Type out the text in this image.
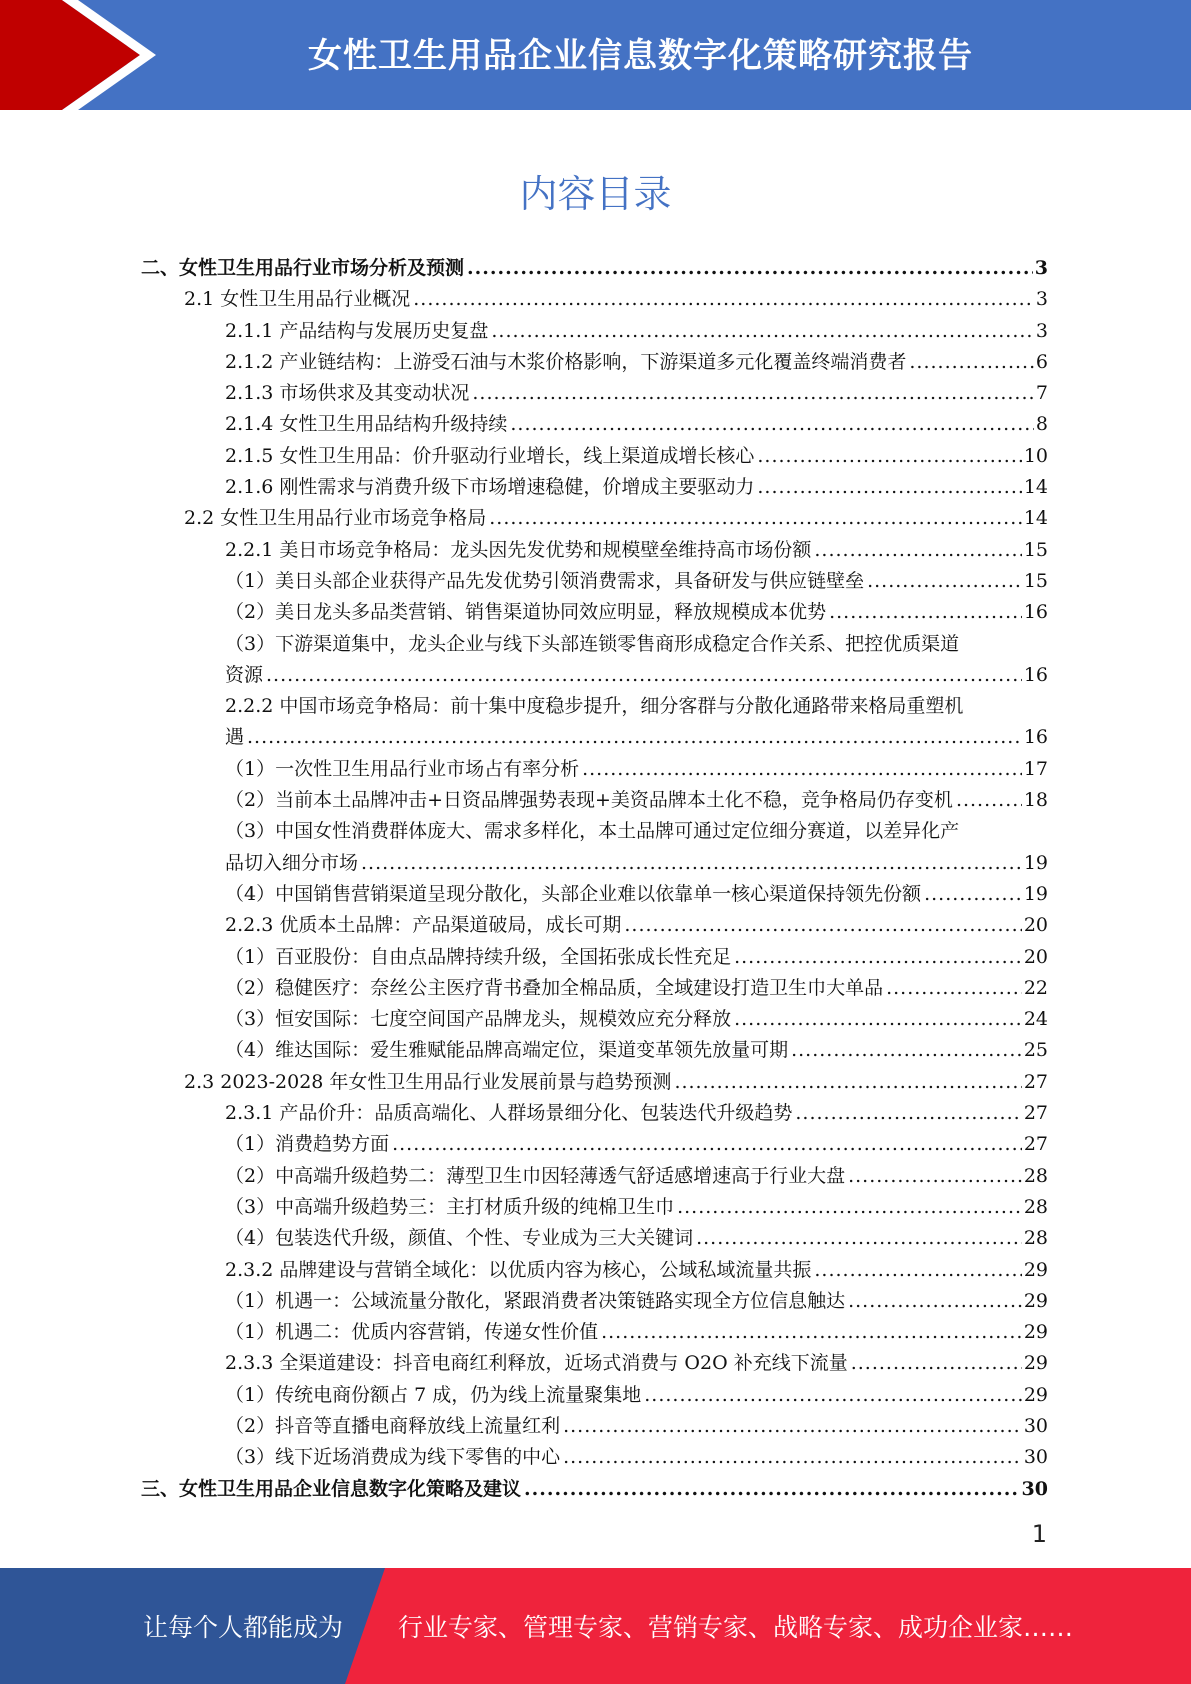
女性卫生用品企业信息数字化策略研究报告
内容目录
二、女性卫生用品行业市场分析及预测 .....	3
2.1 女性卫生用品行业概况 .....	3
2.1.1 产品结构与发展历史复盘 .....	3
2.1.2 产业链结构：上游受石油与木浆价格影响，下游渠道多元化覆盖终端消费者 .....	6
2.1.3 市场供求及其变动状况 .....	7
2.1.4 女性卫生用品结构升级持续 .....	8
2.1.5 女性卫生用品：价升驱动行业增长，线上渠道成增长核心 .....	10
2.1.6 刚性需求与消费升级下市场增速稳健，价增成主要驱动力 .....	14
2.2 女性卫生用品行业市场竞争格局 .....	14
2.2.1 美日市场竞争格局：龙头因先发优势和规模壁垒维持高市场份额 .....	15
（1）美日头部企业获得产品先发优势引领消费需求，具备研发与供应链壁垒 .....	15
（2）美日龙头多品类营销、销售渠道协同效应明显，释放规模成本优势 .....	16
（3）下游渠道集中，龙头企业与线下头部连锁零售商形成稳定合作关系、把控优质渠道
资源 .....	16
2.2.2 中国市场竞争格局：前十集中度稳步提升，细分客群与分散化通路带来格局重塑机
遇 .....	16
（1）一次性卫生用品行业市场占有率分析 .....	17
（2）当前本土品牌冲击+日资品牌强势表现+美资品牌本土化不稳，竞争格局仍存变机 .....	18
（3）中国女性消费群体庞大、需求多样化，本土品牌可通过定位细分赛道，以差异化产
品切入细分市场 .....	19
（4）中国销售营销渠道呈现分散化，头部企业难以依靠单一核心渠道保持领先份额 .....	19
2.2.3 优质本土品牌：产品渠道破局，成长可期 .....	20
（1）百亚股份：自由点品牌持续升级，全国拓张成长性充足 .....	20
（2）稳健医疗：奈丝公主医疗背书叠加全棉品质，全域建设打造卫生巾大单品 .....	22
（3）恒安国际：七度空间国产品牌龙头，规模效应充分释放 .....	24
（4）维达国际：爱生雅赋能品牌高端定位，渠道变革领先放量可期 .....	25
2.3 2023-2028 年女性卫生用品行业发展前景与趋势预测 .....	27
2.3.1 产品价升：品质高端化、人群场景细分化、包装迭代升级趋势 .....	27
（1）消费趋势方面 .....	27
（2）中高端升级趋势二：薄型卫生巾因轻薄透气舒适感增速高于行业大盘 .....	28
（3）中高端升级趋势三：主打材质升级的纯棉卫生巾 .....	28
（4）包装迭代升级，颜值、个性、专业成为三大关键词 .....	28
2.3.2 品牌建设与营销全域化：以优质内容为核心，公域私域流量共振 .....	29
（1）机遇一：公域流量分散化，紧跟消费者决策链路实现全方位信息触达 .....	29
（1）机遇二：优质内容营销，传递女性价值 .....	29
2.3.3 全渠道建设：抖音电商红利释放，近场式消费与 O2O 补充线下流量 .....	29
（1）传统电商份额占 7 成，仍为线上流量聚集地 .....	29
（2）抖音等直播电商释放线上流量红利 .....	30
（3）线下近场消费成为线下零售的中心 .....	30
三、女性卫生用品企业信息数字化策略及建议 .....	30
1
让每个人都能成为 行业专家、管理专家、营销专家、战略专家、成功企业家……
